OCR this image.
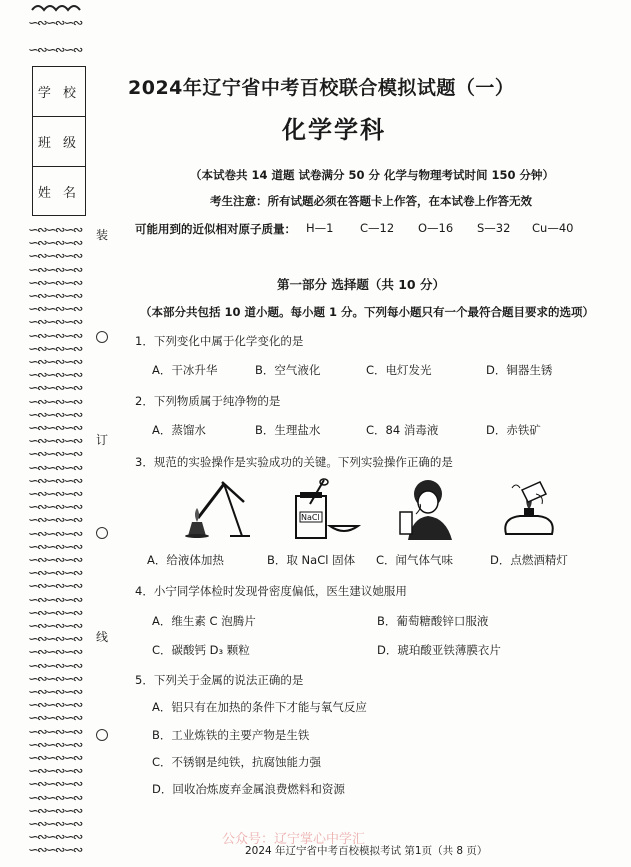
∽∾∽∾∽∾
∽∾∽∾∽∾
学 校
班 级
姓 名
∽∾∽∾∽∾
∽∾∽∾∽∾
∽∾∽∾∽∾
∽∾∽∾∽∾
∽∾∽∾∽∾
∽∾∽∾∽∾
∽∾∽∾∽∾
∽∾∽∾∽∾
∽∾∽∾∽∾
∽∾∽∾∽∾
∽∾∽∾∽∾
∽∾∽∾∽∾
∽∾∽∾∽∾
∽∾∽∾∽∾
∽∾∽∾∽∾
∽∾∽∾∽∾
∽∾∽∾∽∾
∽∾∽∾∽∾
∽∾∽∾∽∾
∽∾∽∾∽∾
∽∾∽∾∽∾
∽∾∽∾∽∾
∽∾∽∾∽∾
∽∾∽∾∽∾
∽∾∽∾∽∾
∽∾∽∾∽∾
∽∾∽∾∽∾
∽∾∽∾∽∾
∽∾∽∾∽∾
∽∾∽∾∽∾
∽∾∽∾∽∾
∽∾∽∾∽∾
∽∾∽∾∽∾
∽∾∽∾∽∾
∽∾∽∾∽∾
∽∾∽∾∽∾
∽∾∽∾∽∾
∽∾∽∾∽∾
∽∾∽∾∽∾
∽∾∽∾∽∾
∽∾∽∾∽∾
∽∾∽∾∽∾
∽∾∽∾∽∾
∽∾∽∾∽∾
∽∾∽∾∽∾
∽∾∽∾∽∾
∽∾∽∾∽∾
∽∾∽∾∽∾
装
订
线
2024年辽宁省中考百校联合模拟试题（一）
化学学科
（本试卷共 14 道题 试卷满分 50 分 化学与物理考试时间 150 分钟）
考生注意：所有试题必须在答题卡上作答，在本试卷上作答无效
可能用到的近似相对原子质量： H—1 C—12 O—16 S—32 Cu—40
第一部分 选择题（共 10 分）
（本部分共包括 10 道小题。每小题 1 分。下列每小题只有一个最符合题目要求的选项）
1．下列变化中属于化学变化的是
A．干冰升华	B．空气液化	C．电灯发光	D．铜器生锈
2．下列物质属于纯净物的是
A．蒸馏水	B．生理盐水	C．84 消毒液	D．赤铁矿
3．规范的实验操作是实验成功的关键。下列实验操作正确的是
NaCl
A．给液体加热	B．取 NaCl 固体 C．闻气体气味	D．点燃酒精灯
4．小宁同学体检时发现骨密度偏低，医生建议她服用
A．维生素 C 泡腾片	B．葡萄糖酸锌口服液
C．碳酸钙 D₃ 颗粒	D．琥珀酸亚铁薄膜衣片
5．下列关于金属的说法正确的是
A．铝只有在加热的条件下才能与氧气反应
B．工业炼铁的主要产物是生铁
C．不锈钢是纯铁，抗腐蚀能力强
D．回收冶炼废弃金属浪费燃料和资源
公众号：辽宁掌心中学汇
2024 年辽宁省中考百校模拟考试 第1页（共 8 页）
